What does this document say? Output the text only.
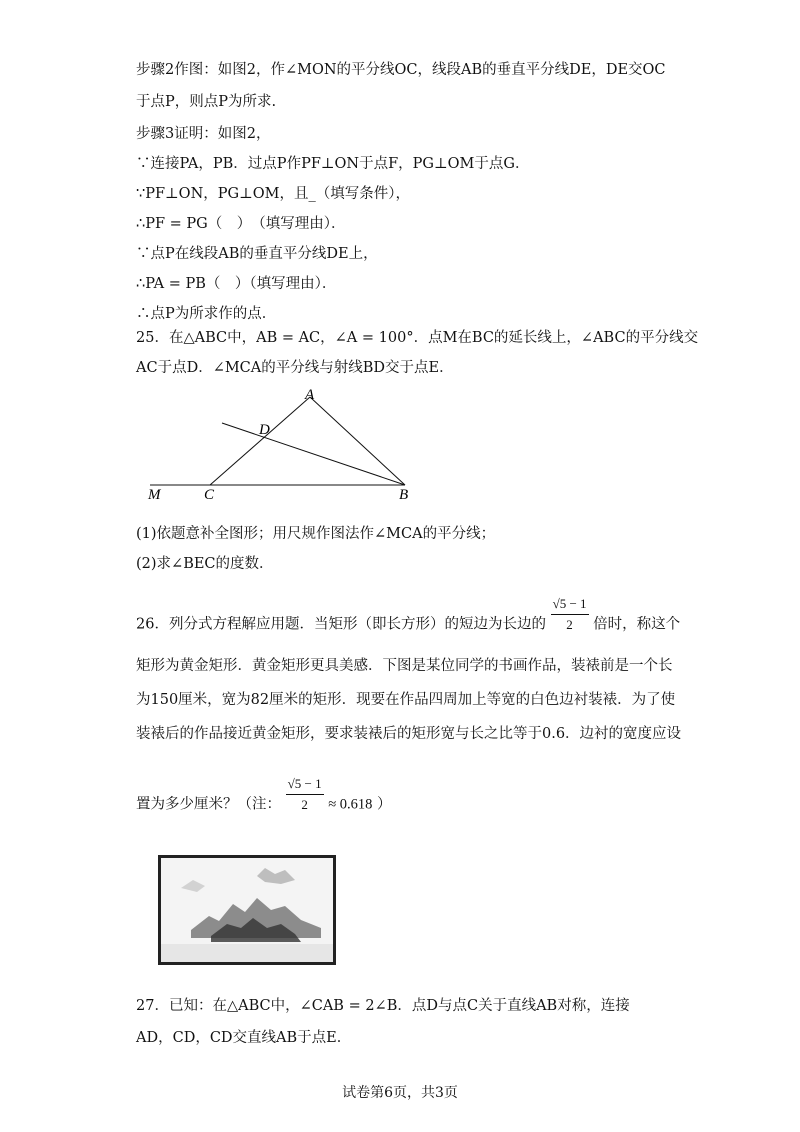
步骤2作图：如图2，作∠MON的平分线OC，线段AB的垂直平分线DE，DE交OC
于点P，则点P为所求.
步骤3证明：如图2，
∵连接PA，PB．过点P作PF⊥ON于点F，PG⊥OM于点G．
∵PF⊥ON，PG⊥OM，且_（填写条件），
∴PF = PG（　）　（填写理由）．
∵点P在线段AB的垂直平分线DE上，
∴PA = PB（　）（填写理由）．
∴点P为所求作的点．
25．在△ABC中，AB = AC，∠A = 100°．点M在BC的延长线上，∠ABC的平分线交
AC于点D．∠MCA的平分线与射线BD交于点E．
A
D
M	C	B
(1)依题意补全图形；用尺规作图法作∠MCA的平分线；
(2)求∠BEC的度数．
26．列分式方程解应用题．当矩形（即长方形）的短边为长边的 $\frac{√5 - 1}{2}$ 倍时，称这个
矩形为黄金矩形．黄金矩形更具美感．下图是某位同学的书画作品，装裱前是一个长
为150厘米，宽为82厘米的矩形．现要在作品四周加上等宽的白色边衬装裱．为了使
装裱后的作品接近黄金矩形，要求装裱后的矩形宽与长之比等于0.6．边衬的宽度应设
置为多少厘米？（注： $\frac{√5 - 1}{2} \approx 0.618$ ）
27．已知：在△ABC中，∠CAB = 2∠B．点D与点C关于直线AB对称，连接
AD，CD，CD交直线AB于点E．
试卷第6页，共3页
